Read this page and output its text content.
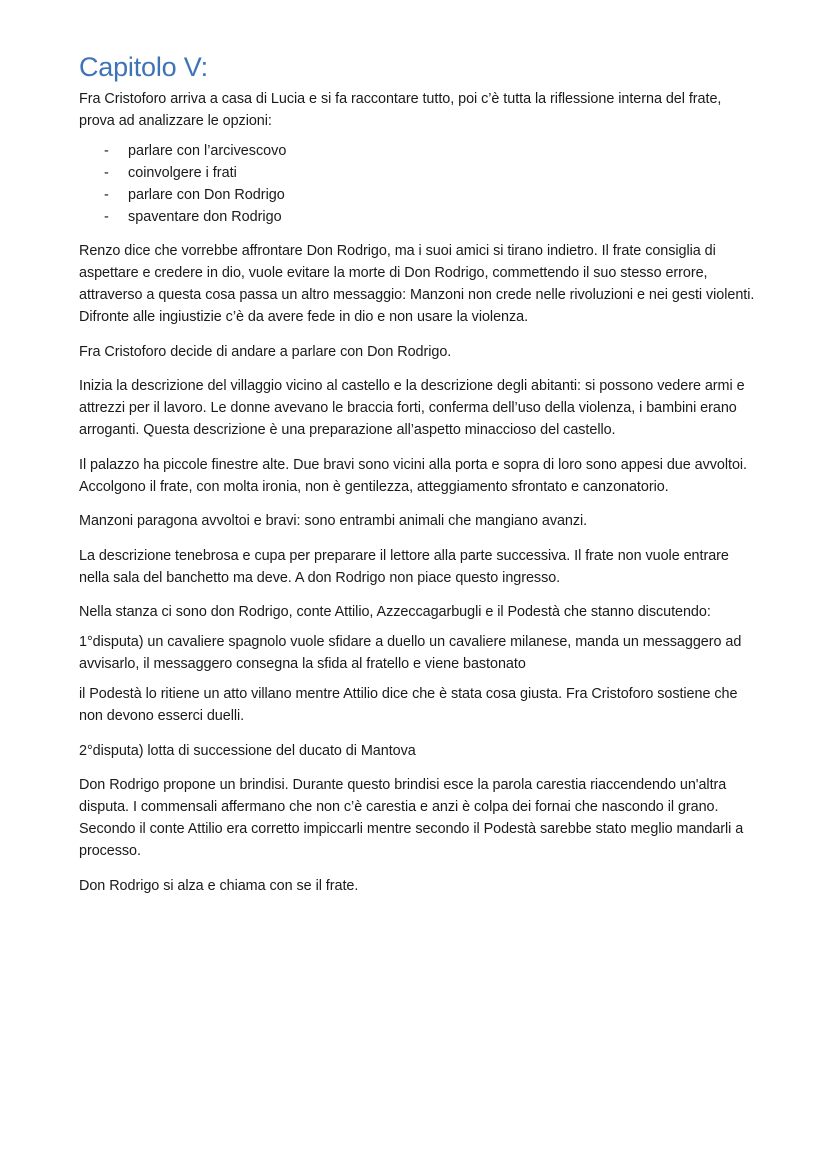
Capitolo V:

Fra Cristoforo arriva a casa di Lucia e si fa raccontare tutto, poi c’è tutta la riflessione interna del frate, prova ad analizzare le opzioni:

- parlare con l’arcivescovo
- coinvolgere i frati
- parlare con Don Rodrigo
- spaventare don Rodrigo

Renzo dice che vorrebbe affrontare Don Rodrigo, ma i suoi amici si tirano indietro. Il frate consiglia di aspettare e credere in dio, vuole evitare la morte di Don Rodrigo, commettendo il suo stesso errore, attraverso a questa cosa passa un altro messaggio: Manzoni non crede nelle rivoluzioni e nei gesti violenti. Difronte alle ingiustizie c’è da avere fede in dio e non usare la violenza.

Fra Cristoforo decide di andare a parlare con Don Rodrigo.

Inizia la descrizione del villaggio vicino al castello e la descrizione degli abitanti: si possono vedere armi e attrezzi per il lavoro. Le donne avevano le braccia forti, conferma dell’uso della violenza, i bambini erano arroganti. Questa descrizione è una preparazione all’aspetto minaccioso del castello.

Il palazzo ha piccole finestre alte. Due bravi sono vicini alla porta e sopra di loro sono appesi due avvoltoi. Accolgono il frate, con molta ironia, non è gentilezza, atteggiamento sfrontato e canzonatorio.

Manzoni paragona avvoltoi e bravi: sono entrambi animali che mangiano avanzi.

La descrizione tenebrosa e cupa per preparare il lettore alla parte successiva. Il frate non vuole entrare nella sala del banchetto ma deve. A don Rodrigo non piace questo ingresso.

Nella stanza ci sono don Rodrigo, conte Attilio, Azzeccagarbugli e il Podestà che stanno discutendo:

1°disputa) un cavaliere spagnolo vuole sfidare a duello un cavaliere milanese, manda un messaggero ad avvisarlo, il messaggero consegna la sfida al fratello e viene bastonato

il Podestà lo ritiene un atto villano mentre Attilio dice che è stata cosa giusta. Fra Cristoforo sostiene che non devono esserci duelli.

2°disputa) lotta di successione del ducato di Mantova

Don Rodrigo propone un brindisi. Durante questo brindisi esce la parola carestia riaccendendo un'altra disputa. I commensali affermano che non c’è carestia e anzi è colpa dei fornai che nascondo il grano. Secondo il conte Attilio era corretto impiccarli mentre secondo il Podestà sarebbe stato meglio mandarli a processo.

Don Rodrigo si alza e chiama con se il frate.
